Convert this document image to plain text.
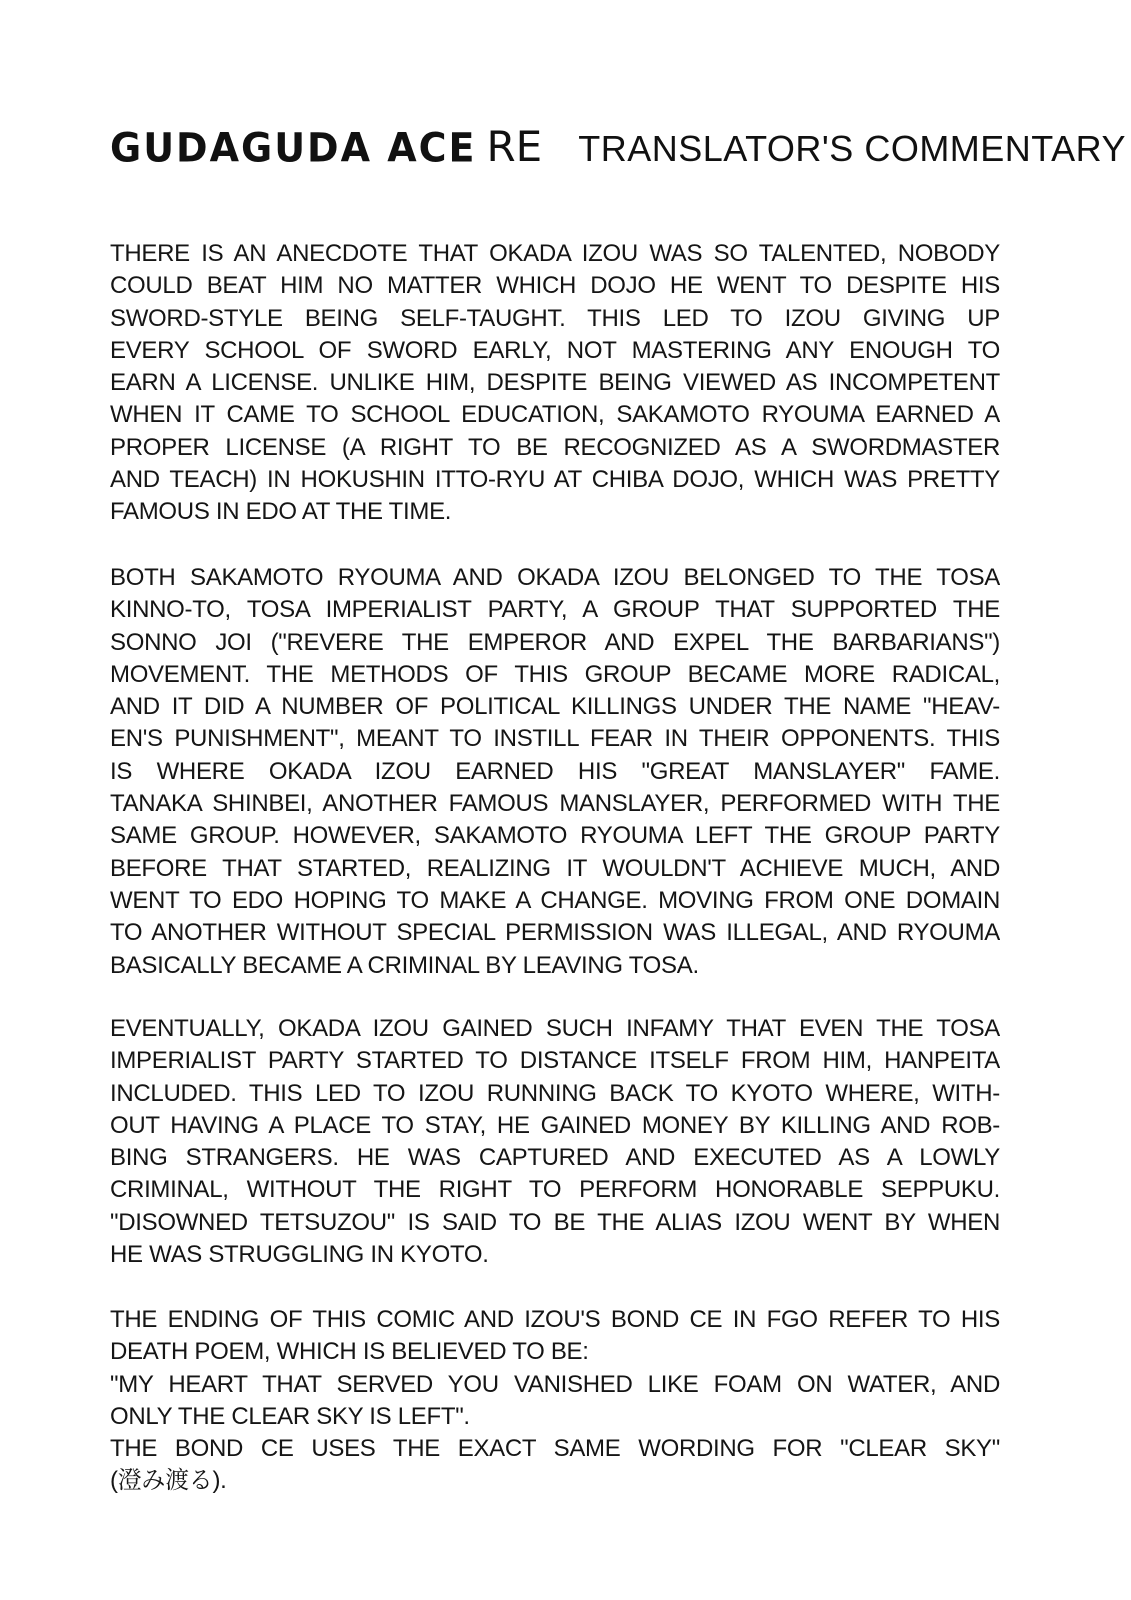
GUDAGUDA ACE RE TRANSLATOR'S COMMENTARY
THERE IS AN ANECDOTE THAT OKADA IZOU WAS SO TALENTED, NOBODY
COULD BEAT HIM NO MATTER WHICH DOJO HE WENT TO DESPITE HIS
SWORD-STYLE BEING SELF-TAUGHT. THIS LED TO IZOU GIVING UP
EVERY SCHOOL OF SWORD EARLY, NOT MASTERING ANY ENOUGH TO
EARN A LICENSE. UNLIKE HIM, DESPITE BEING VIEWED AS INCOMPETENT
WHEN IT CAME TO SCHOOL EDUCATION, SAKAMOTO RYOUMA EARNED A
PROPER LICENSE (A RIGHT TO BE RECOGNIZED AS A SWORDMASTER
AND TEACH) IN HOKUSHIN ITTO-RYU AT CHIBA DOJO, WHICH WAS PRETTY
FAMOUS IN EDO AT THE TIME.
BOTH SAKAMOTO RYOUMA AND OKADA IZOU BELONGED TO THE TOSA
KINNO-TO, TOSA IMPERIALIST PARTY, A GROUP THAT SUPPORTED THE
SONNO JOI ("REVERE THE EMPEROR AND EXPEL THE BARBARIANS")
MOVEMENT. THE METHODS OF THIS GROUP BECAME MORE RADICAL,
AND IT DID A NUMBER OF POLITICAL KILLINGS UNDER THE NAME "HEAV-
EN'S PUNISHMENT", MEANT TO INSTILL FEAR IN THEIR OPPONENTS. THIS
IS WHERE OKADA IZOU EARNED HIS "GREAT MANSLAYER" FAME.
TANAKA SHINBEI, ANOTHER FAMOUS MANSLAYER, PERFORMED WITH THE
SAME GROUP. HOWEVER, SAKAMOTO RYOUMA LEFT THE GROUP PARTY
BEFORE THAT STARTED, REALIZING IT WOULDN'T ACHIEVE MUCH, AND
WENT TO EDO HOPING TO MAKE A CHANGE. MOVING FROM ONE DOMAIN
TO ANOTHER WITHOUT SPECIAL PERMISSION WAS ILLEGAL, AND RYOUMA
BASICALLY BECAME A CRIMINAL BY LEAVING TOSA.
EVENTUALLY, OKADA IZOU GAINED SUCH INFAMY THAT EVEN THE TOSA
IMPERIALIST PARTY STARTED TO DISTANCE ITSELF FROM HIM, HANPEITA
INCLUDED. THIS LED TO IZOU RUNNING BACK TO KYOTO WHERE, WITH-
OUT HAVING A PLACE TO STAY, HE GAINED MONEY BY KILLING AND ROB-
BING STRANGERS. HE WAS CAPTURED AND EXECUTED AS A LOWLY
CRIMINAL, WITHOUT THE RIGHT TO PERFORM HONORABLE SEPPUKU.
"DISOWNED TETSUZOU" IS SAID TO BE THE ALIAS IZOU WENT BY WHEN
HE WAS STRUGGLING IN KYOTO.
THE ENDING OF THIS COMIC AND IZOU'S BOND CE IN FGO REFER TO HIS
DEATH POEM, WHICH IS BELIEVED TO BE:
"MY HEART THAT SERVED YOU VANISHED LIKE FOAM ON WATER, AND
ONLY THE CLEAR SKY IS LEFT".
THE BOND CE USES THE EXACT SAME WORDING FOR "CLEAR SKY"
(澄み渡る).
